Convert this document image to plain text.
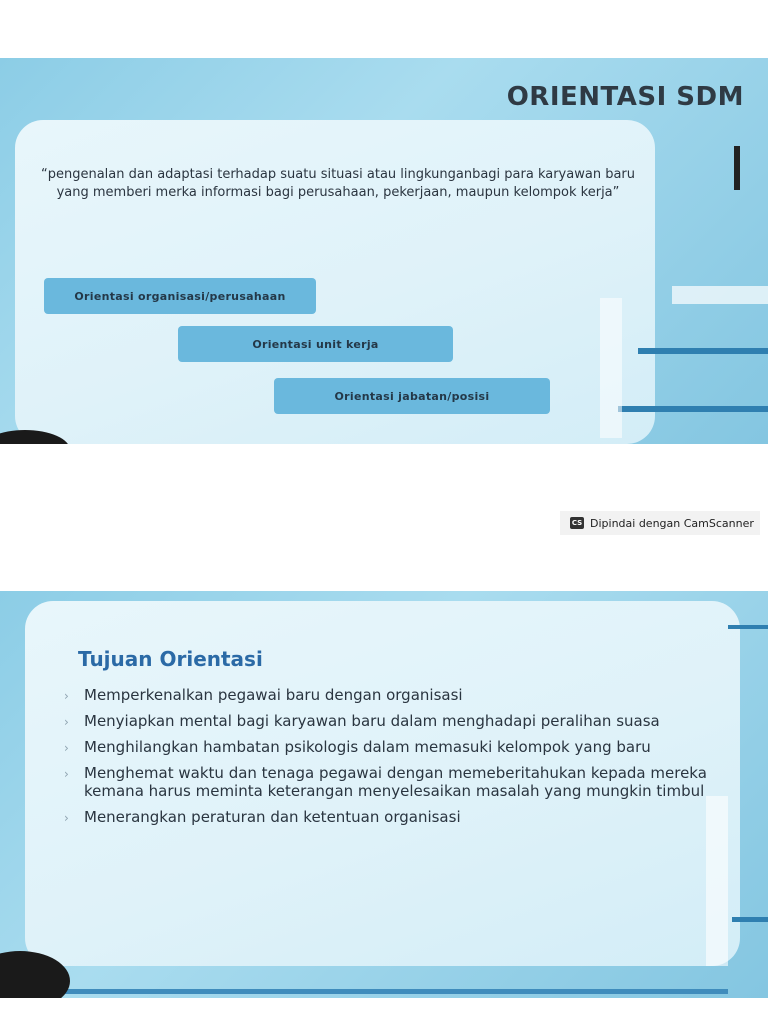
ORIENTASI SDM
“pengenalan dan adaptasi terhadap suatu situasi atau lingkunganbagi para karyawan baru yang memberi merka informasi bagi perusahaan, pekerjaan, maupun kelompok kerja”
Orientasi organisasi/perusahaan
Orientasi unit kerja
Orientasi jabatan/posisi
CS Dipindai dengan CamScanner
Tujuan Orientasi
› Memperkenalkan pegawai baru dengan organisasi
› Menyiapkan mental bagi karyawan baru dalam menghadapi peralihan suasa
› Menghilangkan hambatan psikologis dalam memasuki kelompok yang baru
› Menghemat waktu dan tenaga pegawai dengan memeberitahukan kepada mereka kemana harus meminta keterangan menyelesaikan masalah yang mungkin timbul
› Menerangkan peraturan dan ketentuan organisasi
